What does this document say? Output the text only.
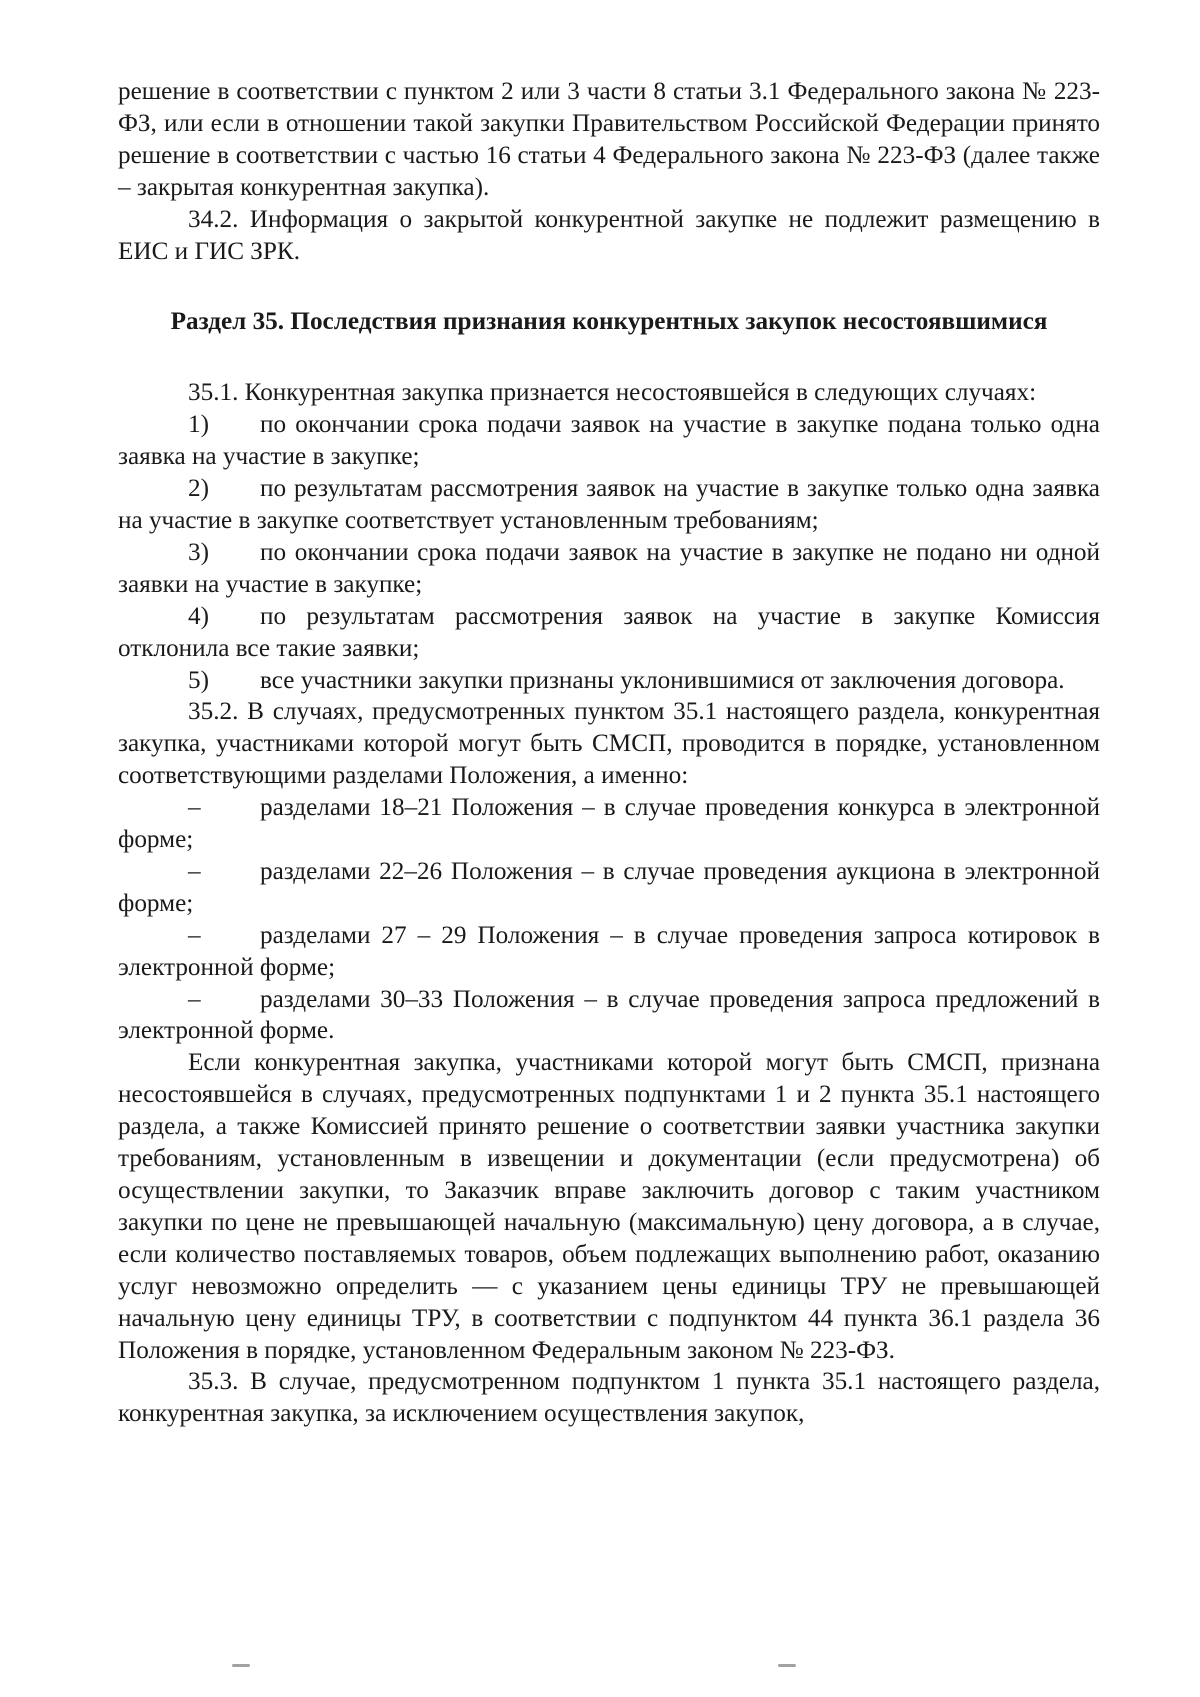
решение в соответствии с пунктом 2 или 3 части 8 статьи 3.1 Федерального закона № 223-ФЗ, или если в отношении такой закупки Правительством Российской Федерации принято решение в соответствии с частью 16 статьи 4 Федерального закона № 223-ФЗ (далее также – закрытая конкурентная закупка).

34.2. Информация о закрытой конкурентной закупке не подлежит размещению в ЕИС и ГИС ЗРК.

Раздел 35. Последствия признания конкурентных закупок несостоявшимися

35.1. Конкурентная закупка признается несостоявшейся в следующих случаях:

1) по окончании срока подачи заявок на участие в закупке подана только одна заявка на участие в закупке;

2) по результатам рассмотрения заявок на участие в закупке только одна заявка на участие в закупке соответствует установленным требованиям;

3) по окончании срока подачи заявок на участие в закупке не подано ни одной заявки на участие в закупке;

4) по результатам рассмотрения заявок на участие в закупке Комиссия отклонила все такие заявки;

5) все участники закупки признаны уклонившимися от заключения договора.

35.2. В случаях, предусмотренных пунктом 35.1 настоящего раздела, конкурентная закупка, участниками которой могут быть СМСП, проводится в порядке, установленном соответствующими разделами Положения, а именно:

– разделами 18–21 Положения – в случае проведения конкурса в электронной форме;

– разделами 22–26 Положения – в случае проведения аукциона в электронной форме;

– разделами 27 – 29 Положения – в случае проведения запроса котировок в электронной форме;

– разделами 30–33 Положения – в случае проведения запроса предложений в электронной форме.

Если конкурентная закупка, участниками которой могут быть СМСП, признана несостоявшейся в случаях, предусмотренных подпунктами 1 и 2 пункта 35.1 настоящего раздела, а также Комиссией принято решение о соответствии заявки участника закупки требованиям, установленным в извещении и документации (если предусмотрена) об осуществлении закупки, то Заказчик вправе заключить договор с таким участником закупки по цене не превышающей начальную (максимальную) цену договора, а в случае, если количество поставляемых товаров, объем подлежащих выполнению работ, оказанию услуг невозможно определить — с указанием цены единицы ТРУ не превышающей начальную цену единицы ТРУ, в соответствии с подпунктом 44 пункта 36.1 раздела 36 Положения в порядке, установленном Федеральным законом № 223-ФЗ.

35.3. В случае, предусмотренном подпунктом 1 пункта 35.1 настоящего раздела, конкурентная закупка, за исключением осуществления закупок,
